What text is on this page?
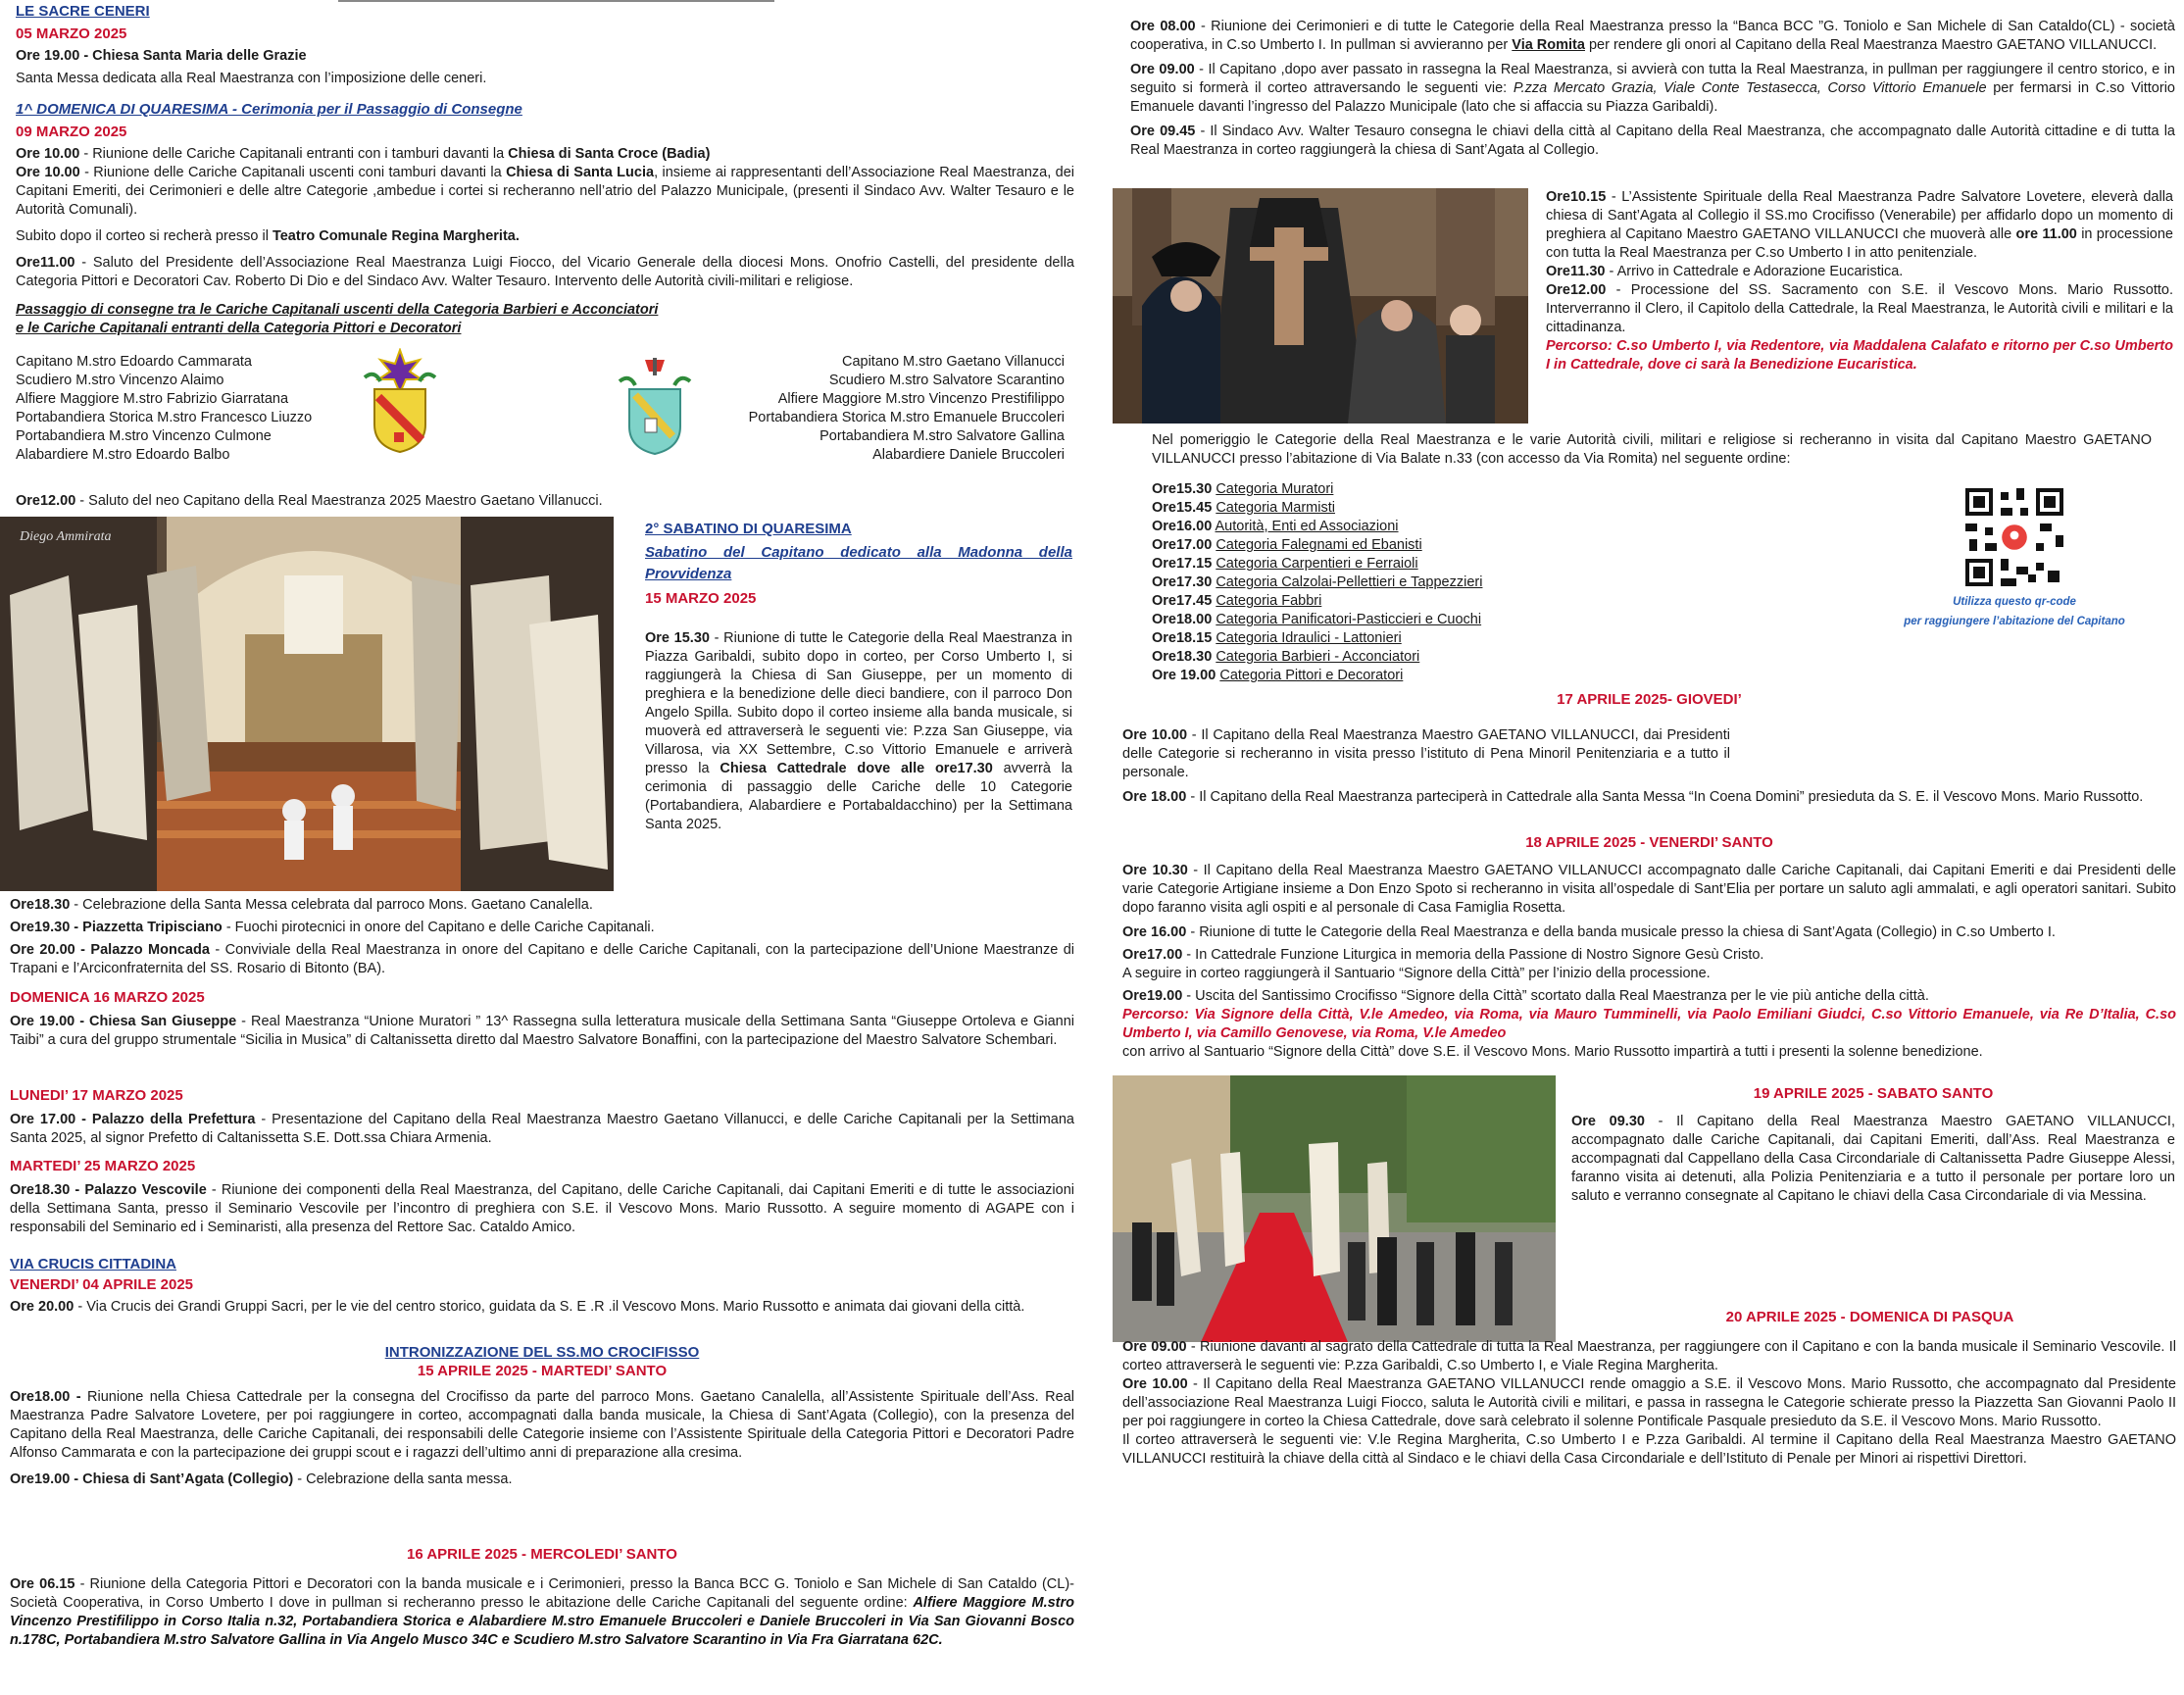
LE SACRE CENERI

05 MARZO 2025

Ore 19.00 - Chiesa Santa Maria delle Grazie

Santa Messa dedicata alla Real Maestranza con l’imposizione delle ceneri.

1^ DOMENICA DI QUARESIMA - Cerimonia per il Passaggio di Consegne

09 MARZO 2025

Ore 10.00 - Riunione delle Cariche Capitanali entranti con i tamburi davanti la Chiesa di Santa Croce (Badia)

Ore 10.00 - Riunione delle Cariche Capitanali uscenti coni tamburi davanti la Chiesa di Santa Lucia, insieme ai rappresentanti dell’Associazione Real Maestranza, dei Capitani Emeriti, dei Cerimonieri e delle altre Categorie ,ambedue i cortei si recheranno nell’atrio del Palazzo Municipale, (presenti il Sindaco Avv. Walter Tesauro e le Autorità Comunali).

Subito dopo il corteo si recherà presso il Teatro Comunale Regina Margherita.

Ore11.00 - Saluto del Presidente dell’Associazione Real Maestranza Luigi Fiocco, del Vicario Generale della diocesi Mons. Onofrio Castelli, del presidente della Categoria Pittori e Decoratori Cav. Roberto Di Dio e del Sindaco Avv. Walter Tesauro. Intervento delle Autorità civili-militari e religiose.

Passaggio di consegne tra le Cariche Capitanali uscenti della Categoria Barbieri e Acconciatori

e le Cariche Capitanali entranti della Categoria Pittori e Decoratori

Capitano M.stro Edoardo Cammarata
Scudiero M.stro Vincenzo Alaimo
Alfiere Maggiore M.stro Fabrizio Giarratana
Portabandiera Storica M.stro Francesco Liuzzo
Portabandiera M.stro Vincenzo Culmone
Alabardiere M.stro Edoardo Balbo
Capitano M.stro Gaetano Villanucci
Scudiero M.stro Salvatore Scarantino
Alfiere Maggiore M.stro Vincenzo Prestifilippo
Portabandiera Storica M.stro Emanuele Bruccoleri
Portabandiera M.stro Salvatore Gallina
Alabardiere Daniele Bruccoleri

Ore12.00 - Saluto del neo Capitano della Real Maestranza 2025 Maestro Gaetano Villanucci.

Diego Ammirata	2° SABATINO DI QUARESIMA

Sabatino del Capitano dedicato alla Madonna della Provvidenza

15 MARZO 2025

Ore 15.30 - Riunione di tutte le Categorie della Real Maestranza in Piazza Garibaldi, subito dopo in corteo, per Corso Umberto I, si raggiungerà la Chiesa di San Giuseppe, per un momento di preghiera e la benedizione delle dieci bandiere, con il parroco Don Angelo Spilla. Subito dopo il corteo insieme alla banda musicale, si muoverà ed attraverserà le seguenti vie: P.zza San Giuseppe, via Villarosa, via XX Settembre, C.so Vittorio Emanuele e arriverà presso la Chiesa Cattedrale dove alle ore17.30 avverrà la cerimonia di passaggio delle Cariche delle 10 Categorie (Portabandiera, Alabardiere e Portabaldacchino) per la Settimana Santa 2025.

Ore18.30 - Celebrazione della Santa Messa celebrata dal parroco Mons. Gaetano Canalella.

Ore19.30 - Piazzetta Tripisciano - Fuochi pirotecnici in onore del Capitano e delle Cariche Capitanali.

Ore 20.00 - Palazzo Moncada - Conviviale della Real Maestranza in onore del Capitano e delle Cariche Capitanali, con la partecipazione dell’Unione Maestranze di Trapani e l’Arciconfraternita del SS. Rosario di Bitonto (BA).

DOMENICA 16 MARZO 2025

Ore 19.00 - Chiesa San Giuseppe - Real Maestranza “Unione Muratori ” 13^ Rassegna sulla letteratura musicale della Settimana Santa “Giuseppe Ortoleva e Gianni Taibi” a cura del gruppo strumentale “Sicilia in Musica” di Caltanissetta diretto dal Maestro Salvatore Bonaffini, con la partecipazione del Maestro Salvatore Schembari.

LUNEDI’ 17 MARZO 2025

Ore 17.00 - Palazzo della Prefettura - Presentazione del Capitano della Real Maestranza Maestro Gaetano Villanucci, e delle Cariche Capitanali per la Settimana Santa 2025, al signor Prefetto di Caltanissetta S.E. Dott.ssa Chiara Armenia.

MARTEDI’ 25 MARZO 2025

Ore18.30 - Palazzo Vescovile - Riunione dei componenti della Real Maestranza, del Capitano, delle Cariche Capitanali, dai Capitani Emeriti e di tutte le associazioni della Settimana Santa, presso il Seminario Vescovile per l’incontro di preghiera con S.E. il Vescovo Mons. Mario Russotto. A seguire momento di AGAPE con i responsabili del Seminario ed i Seminaristi, alla presenza del Rettore Sac. Cataldo Amico.

VIA CRUCIS CITTADINA

VENERDI’ 04 APRILE 2025

Ore 20.00 - Via Crucis dei Grandi Gruppi Sacri, per le vie del centro storico, guidata da S. E .R .il Vescovo Mons. Mario Russotto e animata dai giovani della città.

INTRONIZZAZIONE DEL SS.MO CROCIFISSO

15 APRILE 2025 - MARTEDI’ SANTO

Ore18.00 - Riunione nella Chiesa Cattedrale per la consegna del Crocifisso da parte del parroco Mons. Gaetano Canalella, all’Assistente Spirituale dell’Ass. Real Maestranza Padre Salvatore Lovetere, per poi raggiungere in corteo, accompagnati dalla banda musicale, la Chiesa di Sant’Agata (Collegio), con la presenza del Capitano della Real Maestranza, delle Cariche Capitanali, dei responsabili delle Categorie insieme con l’Assistente Spirituale della Categoria Pittori e Decoratori Padre Alfonso Cammarata e con la partecipazione dei gruppi scout e i ragazzi dell’ultimo anni di preparazione alla cresima.

Ore19.00 - Chiesa di Sant’Agata (Collegio) - Celebrazione della santa messa.

16 APRILE 2025 - MERCOLEDI’ SANTO

Ore 06.15 - Riunione della Categoria Pittori e Decoratori con la banda musicale e i Cerimonieri, presso la Banca BCC G. Toniolo e San Michele di San Cataldo (CL)- Società Cooperativa, in Corso Umberto I dove in pullman si recheranno presso le abitazione delle Cariche Capitanali del seguente ordine: Alfiere Maggiore M.stro Vincenzo Prestifilippo in Corso Italia n.32, Portabandiera Storica e Alabardiere M.stro Emanuele Bruccoleri e Daniele Bruccoleri in Via San Giovanni Bosco n.178C, Portabandiera M.stro Salvatore Gallina in Via Angelo Musco 34C e Scudiero M.stro Salvatore Scarantino in Via Fra Giarratana 62C.

Ore 08.00 - Riunione dei Cerimonieri e di tutte le Categorie della Real Maestranza presso la “Banca BCC ”G. Toniolo e San Michele di San Cataldo(CL) - società cooperativa, in C.so Umberto I. In pullman si avvieranno per Via Romita per rendere gli onori al Capitano della Real Maestranza Maestro GAETANO VILLANUCCI.

Ore 09.00 - Il Capitano ,dopo aver passato in rassegna la Real Maestranza, si avvierà con tutta la Real Maestranza, in pullman per raggiungere il centro storico, e in seguito si formerà il corteo attraversando le seguenti vie: P.zza Mercato Grazia, Viale Conte Testasecca, Corso Vittorio Emanuele per fermarsi in C.so Vittorio Emanuele davanti l’ingresso del Palazzo Municipale (lato che si affaccia su Piazza Garibaldi).

Ore 09.45 - Il Sindaco Avv. Walter Tesauro consegna le chiavi della città al Capitano della Real Maestranza, che accompagnato dalle Autorità cittadine e di tutta la Real Maestranza in corteo raggiungerà la chiesa di Sant’Agata al Collegio.

Ore10.15 - L’Assistente Spirituale della Real Maestranza Padre Salvatore Lovetere, eleverà dalla chiesa di Sant’Agata al Collegio il SS.mo Crocifisso (Venerabile) per affidarlo dopo un momento di preghiera al Capitano Maestro GAETANO VILLANUCCI che muoverà alle ore 11.00 in processione con tutta la Real Maestranza per C.so Umberto I in atto penitenziale.

Ore11.30 - Arrivo in Cattedrale e Adorazione Eucaristica.

Ore12.00 - Processione del SS. Sacramento con S.E. il Vescovo Mons. Mario Russotto. Interverranno il Clero, il Capitolo della Cattedrale, la Real Maestranza, le Autorità civili e militari e la cittadinanza.

Percorso: C.so Umberto I, via Redentore, via Maddalena Calafato e ritorno per C.so Umberto I in Cattedrale, dove ci sarà la Benedizione Eucaristica.

Nel pomeriggio le Categorie della Real Maestranza e le varie Autorità civili, militari e religiose si recheranno in visita dal Capitano Maestro GAETANO VILLANUCCI presso l’abitazione di Via Balate n.33 (con accesso da Via Romita) nel seguente ordine:

Ore15.30 Categoria Muratori
Ore15.45 Categoria Marmisti
Ore16.00 Autorità, Enti ed Associazioni
Ore17.00 Categoria Falegnami ed Ebanisti
Ore17.15 Categoria Carpentieri e Ferraioli
Ore17.30 Categoria Calzolai-Pellettieri e Tappezzieri
Ore17.45 Categoria Fabbri
Ore18.00 Categoria Panificatori-Pasticcieri e Cuochi
Ore18.15 Categoria Idraulici - Lattonieri
Ore18.30 Categoria Barbieri - Acconciatori
Ore 19.00 Categoria Pittori e Decoratori
Utilizza questo qr-code
per raggiungere l’abitazione del Capitano

17 APRILE 2025- GIOVEDI’

Ore 10.00 - Il Capitano della Real Maestranza Maestro GAETANO VILLANUCCI, dai Presidenti delle Categorie si recheranno in visita presso l’istituto di Pena Minoril Penitenziaria e a tutto il personale.

Ore 18.00 - Il Capitano della Real Maestranza parteciperà in Cattedrale alla Santa Messa “In Coena Domini” presieduta da S. E. il Vescovo Mons. Mario Russotto.

18 APRILE 2025 - VENERDI’ SANTO

Ore 10.30 - Il Capitano della Real Maestranza Maestro GAETANO VILLANUCCI accompagnato dalle Cariche Capitanali, dai Capitani Emeriti e dai Presidenti delle varie Categorie Artigiane insieme a Don Enzo Spoto si recheranno in visita all’ospedale di Sant’Elia per portare un saluto agli ammalati, e agli operatori sanitari. Subito dopo faranno visita agli ospiti e al personale di Casa Famiglia Rosetta.

Ore 16.00 - Riunione di tutte le Categorie della Real Maestranza e della banda musicale presso la chiesa di Sant’Agata (Collegio) in C.so Umberto I.

Ore17.00 - In Cattedrale Funzione Liturgica in memoria della Passione di Nostro Signore Gesù Cristo.

A seguire in corteo raggiungerà il Santuario “Signore della Città” per l’inizio della processione.

Ore19.00 - Uscita del Santissimo Crocifisso “Signore della Città” scortato dalla Real Maestranza per le vie più antiche della città.

Percorso: Via Signore della Città, V.le Amedeo, via Roma, via Mauro Tumminelli, via Paolo Emiliani Giudci, C.so Vittorio Emanuele, via Re D’Italia, C.so Umberto I, via Camillo Genovese, via Roma, V.le Amedeo

con arrivo al Santuario “Signore della Città” dove S.E. il Vescovo Mons. Mario Russotto impartirà a tutti i presenti la solenne benedizione.

19 APRILE 2025 - SABATO SANTO

Ore 09.30 - Il Capitano della Real Maestranza Maestro GAETANO VILLANUCCI, accompagnato dalle Cariche Capitanali, dai Capitani Emeriti, dall’Ass. Real Maestranza e accompagnati dal Cappellano della Casa Circondariale di Caltanissetta Padre Giuseppe Alessi, faranno visita ai detenuti, alla Polizia Penitenziaria e a tutto il personale per portare loro un saluto e verranno consegnate al Capitano le chiavi della Casa Circondariale di via Messina.

20 APRILE 2025 - DOMENICA DI PASQUA

Ore 09.00 - Riunione davanti al sagrato della Cattedrale di tutta la Real Maestranza, per raggiungere con il Capitano e con la banda musicale il Seminario Vescovile. Il corteo attraverserà le seguenti vie: P.zza Garibaldi, C.so Umberto I, e Viale Regina Margherita.

Ore 10.00 - Il Capitano della Real Maestranza GAETANO VILLANUCCI rende omaggio a S.E. il Vescovo Mons. Mario Russotto, che accompagnato dal Presidente dell’associazione Real Maestranza Luigi Fiocco, saluta le Autorità civili e militari, e passa in rassegna le Categorie schierate presso la Piazzetta San Giovanni Paolo II per poi raggiungere in corteo la Chiesa Cattedrale, dove sarà celebrato il solenne Pontificale Pasquale presieduto da S.E. il Vescovo Mons. Mario Russotto.

Il corteo attraverserà le seguenti vie: V.le Regina Margherita, C.so Umberto I e P.zza Garibaldi. Al termine il Capitano della Real Maestranza Maestro GAETANO VILLANUCCI restituirà la chiave della città al Sindaco e le chiavi della Casa Circondariale e dell’Istituto di Penale per Minori ai rispettivi Direttori.
